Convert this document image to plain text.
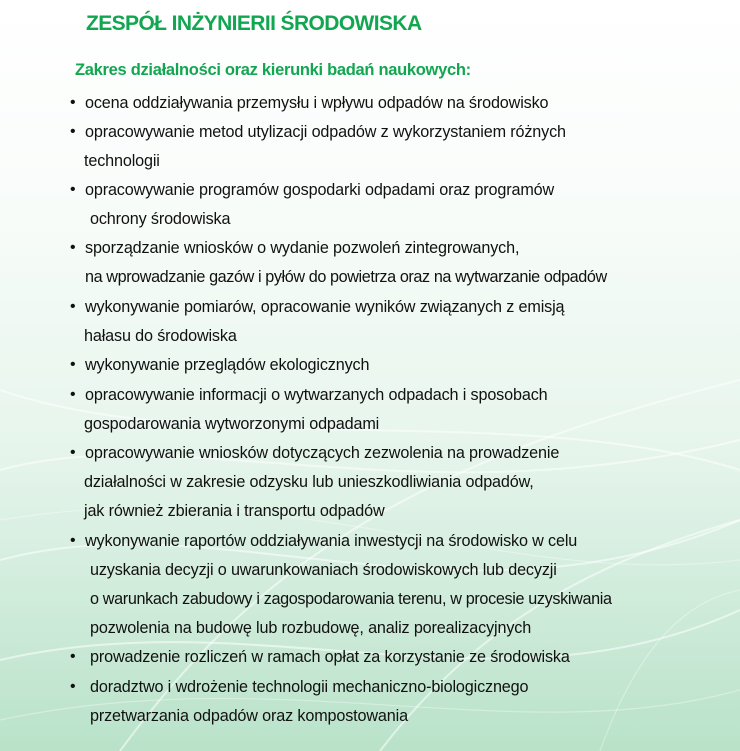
ZESPÓŁ INŻYNIERII ŚRODOWISKA
Zakres działalności oraz kierunki badań naukowych:
• ocena oddziaływania przemysłu i wpływu odpadów na środowisko
• opracowywanie metod utylizacji odpadów z wykorzystaniem różnych
technologii
• opracowywanie programów gospodarki odpadami oraz programów
ochrony środowiska
• sporządzanie wniosków o wydanie pozwoleń zintegrowanych,
na wprowadzanie gazów i pyłów do powietrza oraz na wytwarzanie odpadów
• wykonywanie pomiarów, opracowanie wyników związanych z emisją
hałasu do środowiska
• wykonywanie przeglądów ekologicznych
• opracowywanie informacji o wytwarzanych odpadach i sposobach
gospodarowania wytworzonymi odpadami
• opracowywanie wniosków dotyczących zezwolenia na prowadzenie
działalności w zakresie odzysku lub unieszkodliwiania odpadów,
jak również zbierania i transportu odpadów
• wykonywanie raportów oddziaływania inwestycji na środowisko w celu
uzyskania decyzji o uwarunkowaniach środowiskowych lub decyzji
o warunkach zabudowy i zagospodarowania terenu, w procesie uzyskiwania
pozwolenia na budowę lub rozbudowę, analiz porealizacyjnych
• prowadzenie rozliczeń w ramach opłat za korzystanie ze środowiska
• doradztwo i wdrożenie technologii mechaniczno-biologicznego
przetwarzania odpadów oraz kompostowania
